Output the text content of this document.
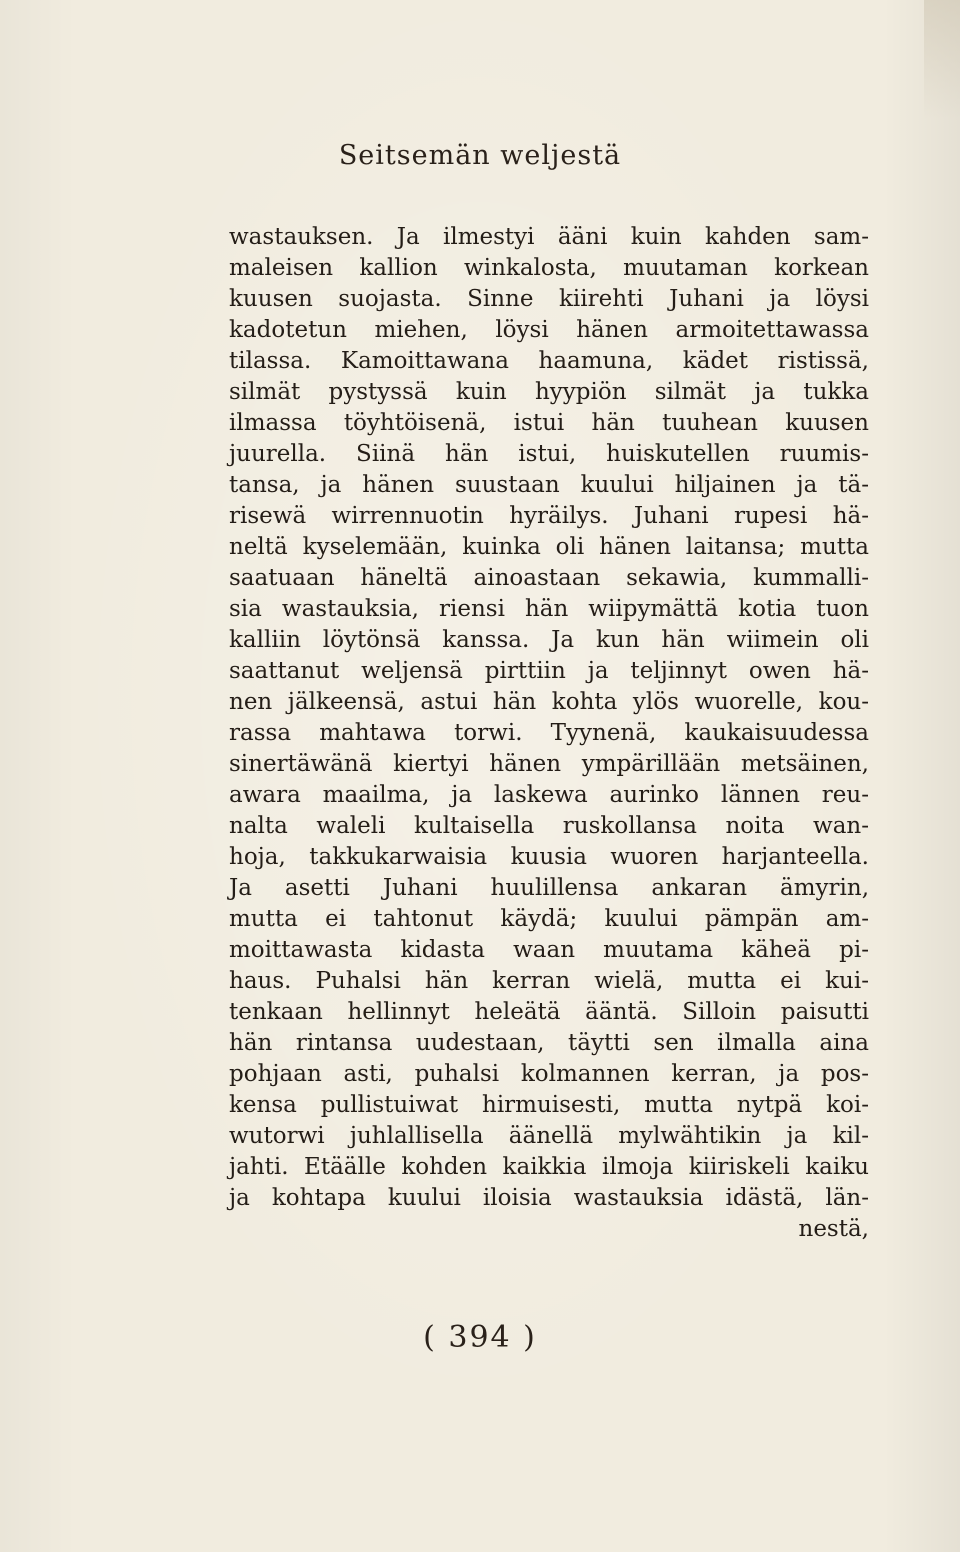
Seitsemän weljestä
wastauksen. Ja ilmestyi ääni kuin kahden sam-
maleisen kallion winkalosta, muutaman korkean
kuusen suojasta. Sinne kiirehti Juhani ja löysi
kadotetun miehen, löysi hänen armoitettawassa
tilassa. Kamoittawana haamuna, kädet ristissä,
silmät pystyssä kuin hyypiön silmät ja tukka
ilmassa töyhtöisenä, istui hän tuuhean kuusen
juurella. Siinä hän istui, huiskutellen ruumis-
tansa, ja hänen suustaan kuului hiljainen ja tä-
risewä wirrennuotin hyräilys. Juhani rupesi hä-
neltä kyselemään, kuinka oli hänen laitansa; mutta
saatuaan häneltä ainoastaan sekawia, kummalli-
sia wastauksia, riensi hän wiipymättä kotia tuon
kalliin löytönsä kanssa. Ja kun hän wiimein oli
saattanut weljensä pirttiin ja teljinnyt owen hä-
nen jälkeensä, astui hän kohta ylös wuorelle, kou-
rassa mahtawa torwi. Tyynenä, kaukaisuudessa
sinertäwänä kiertyi hänen ympärillään metsäinen,
awara maailma, ja laskewa aurinko lännen reu-
nalta waleli kultaisella ruskollansa noita wan-
hoja, takkukarwaisia kuusia wuoren harjanteella.
Ja asetti Juhani huulillensa ankaran ämyrin,
mutta ei tahtonut käydä; kuului pämpän am-
moittawasta kidasta waan muutama käheä pi-
haus. Puhalsi hän kerran wielä, mutta ei kui-
tenkaan hellinnyt heleätä ääntä. Silloin paisutti
hän rintansa uudestaan, täytti sen ilmalla aina
pohjaan asti, puhalsi kolmannen kerran, ja pos-
kensa pullistuiwat hirmuisesti, mutta nytpä koi-
wutorwi juhlallisella äänellä mylwähtikin ja kil-
jahti. Etäälle kohden kaikkia ilmoja kiiriskeli kaiku
ja kohtapa kuului iloisia wastauksia idästä, län-
nestä,
( 394 )
